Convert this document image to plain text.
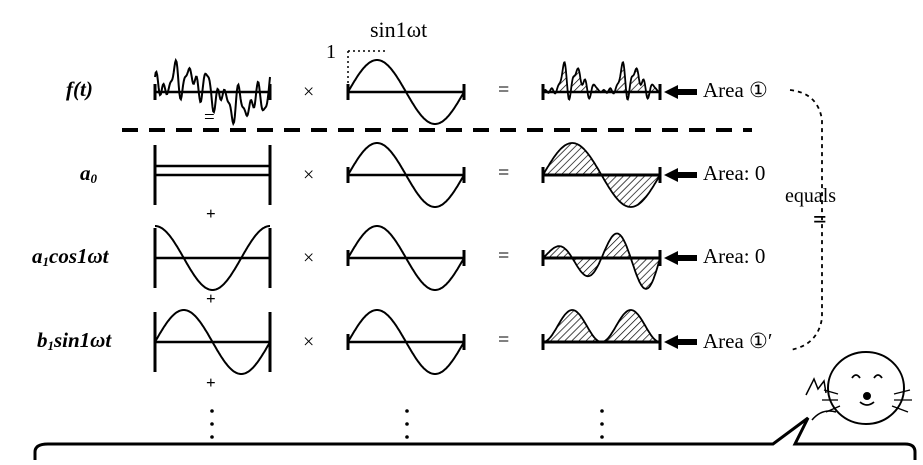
sin1ωt
1
f(t)
$a_0$
$a_1\cos 1\omega t$
$b_1\sin 1\omega t$
×
×
×
×
=
=
=
=
=
+
+
+
Area ①
Area: 0
Area: 0
Area ①′
equals
=
